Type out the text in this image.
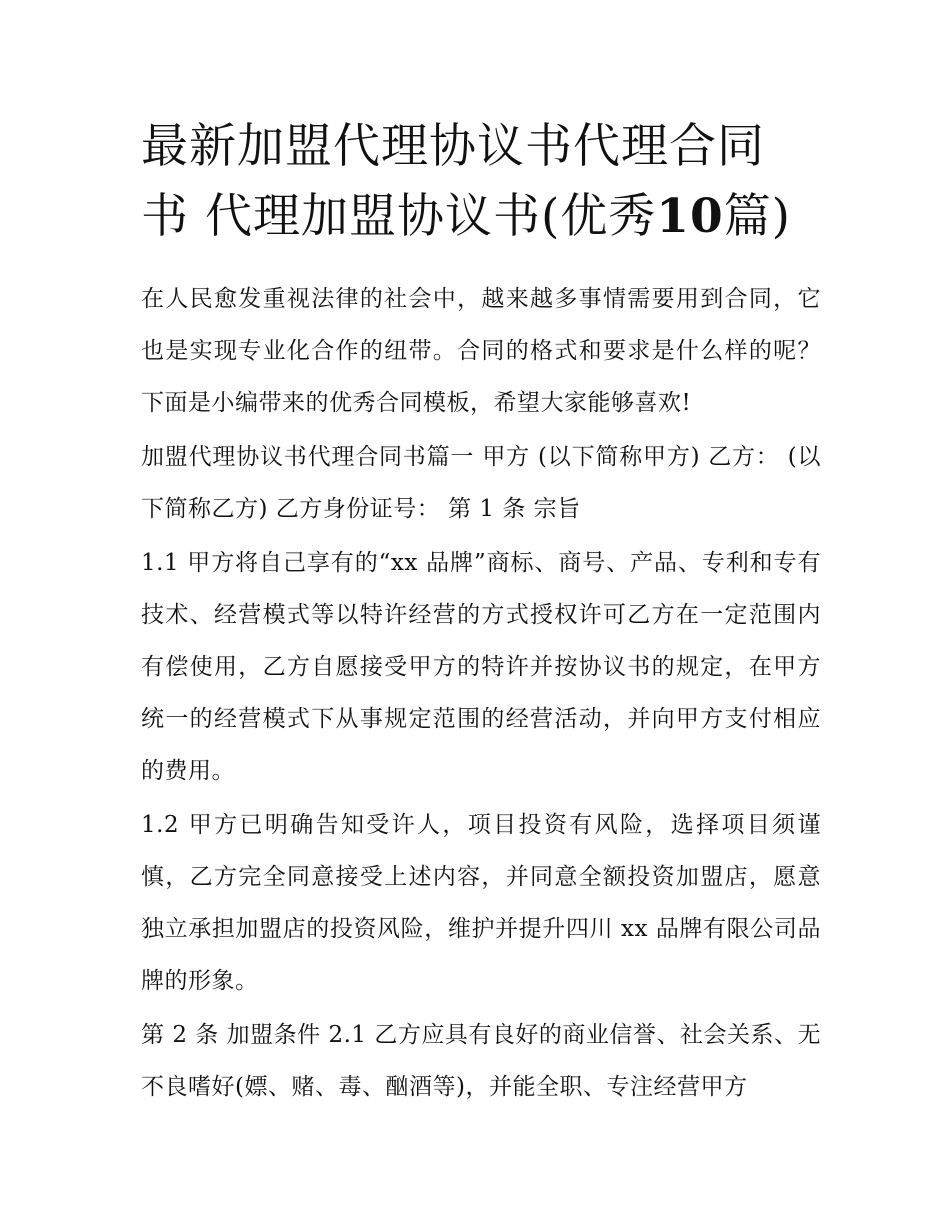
最新加盟代理协议书代理合同
书 代理加盟协议书(优秀10篇)

在人民愈发重视法律的社会中，越来越多事情需要用到合同，它也是实现专业化合作的纽带。合同的格式和要求是什么样的呢？下面是小编带来的优秀合同模板，希望大家能够喜欢!

加盟代理协议书代理合同书篇一 甲方 (以下简称甲方) 乙方： (以下简称乙方) 乙方身份证号： 第 1 条 宗旨

1.1 甲方将自己享有的“xx 品牌”商标、商号、产品、专利和专有技术、经营模式等以特许经营的方式授权许可乙方在一定范围内有偿使用，乙方自愿接受甲方的特许并按协议书的规定，在甲方统一的经营模式下从事规定范围的经营活动，并向甲方支付相应的费用。

1.2 甲方已明确告知受许人，项目投资有风险，选择项目须谨慎，乙方完全同意接受上述内容，并同意全额投资加盟店，愿意独立承担加盟店的投资风险，维护并提升四川 xx 品牌有限公司品牌的形象。

第 2 条 加盟条件 2.1 乙方应具有良好的商业信誉、社会关系、无不良嗜好(嫖、赌、毒、酗酒等)，并能全职、专注经营甲方
